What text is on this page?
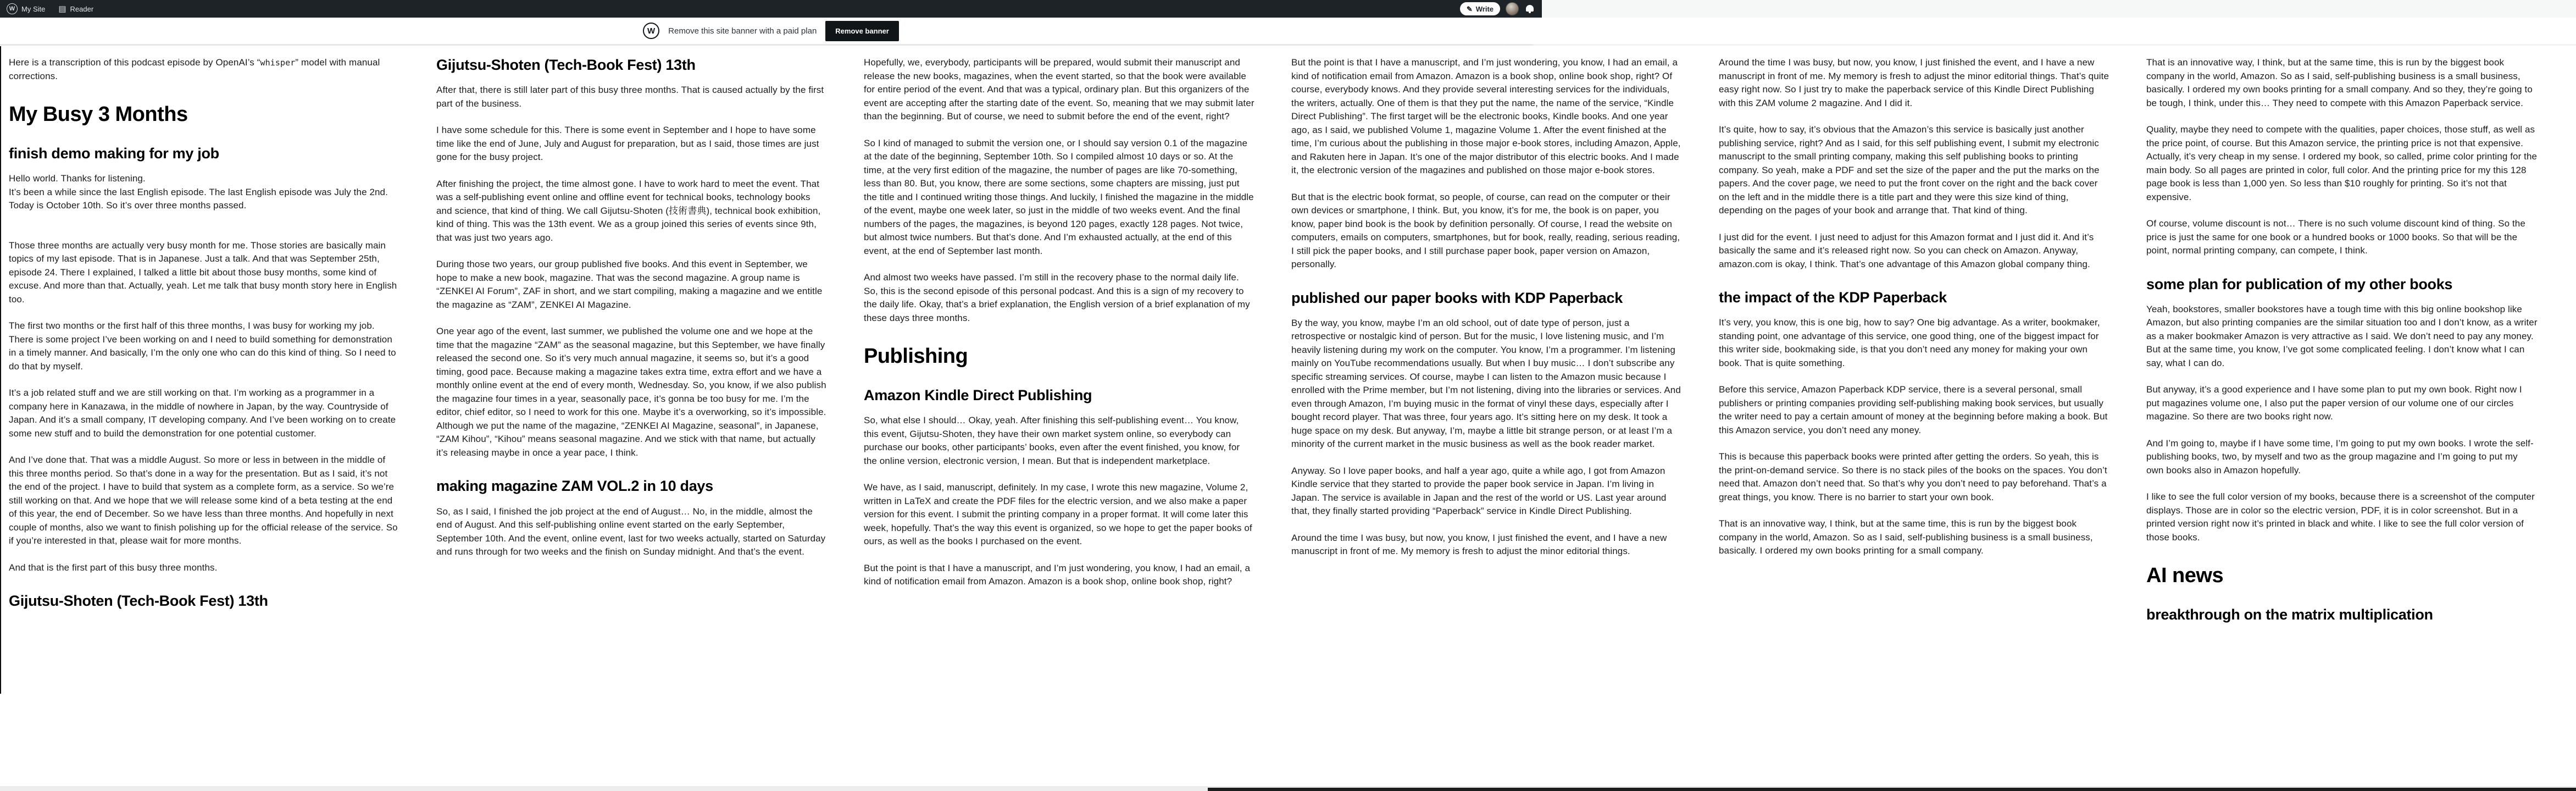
W My Site ▤ Reader	✎ Write
W	Remove this site banner with a paid plan	Remove banner

Here is a transcription of this podcast episode by OpenAI’s “whisper” model with manual corrections.

My Busy 3 Months
finish demo making for my job

Hello world. Thanks for listening.
It’s been a while since the last English episode. The last English episode was July the 2nd. Today is October 10th. So it’s over three months passed.

Those three months are actually very busy month for me. Those stories are basically main topics of my last episode. That is in Japanese. Just a talk. And that was September 25th, episode 24. There I explained, I talked a little bit about those busy months, some kind of excuse. And more than that. Actually, yeah. Let me talk that busy month story here in English too.

The first two months or the first half of this three months, I was busy for working my job. There is some project I’ve been working on and I need to build something for demonstration in a timely manner. And basically, I’m the only one who can do this kind of thing. So I need to do that by myself.

It’s a job related stuff and we are still working on that. I’m working as a programmer in a company here in Kanazawa, in the middle of nowhere in Japan, by the way. Countryside of Japan. And it’s a small company, IT developing company. And I’ve been working on to create some new stuff and to build the demonstration for one potential customer.

And I’ve done that. That was a middle August. So more or less in between in the middle of this three months period. So that’s done in a way for the presentation. But as I said, it’s not the end of the project. I have to build that system as a complete form, as a service. So we’re still working on that. And we hope that we will release some kind of a beta testing at the end of this year, the end of December. So we have less than three months. And hopefully in next couple of months, also we want to finish polishing up for the official release of the service. So if you’re interested in that, please wait for more months.

And that is the first part of this busy three months.

Gijutsu-Shoten (Tech-Book Fest) 13th
Gijutsu-Shoten (Tech-Book Fest) 13th

After that, there is still later part of this busy three months. That is caused actually by the first part of the business.

I have some schedule for this. There is some event in September and I hope to have some time like the end of June, July and August for preparation, but as I said, those times are just gone for the busy project.

After finishing the project, the time almost gone. I have to work hard to meet the event. That was a self-publishing event online and offline event for technical books, technology books and science, that kind of thing. We call Gijutsu-Shoten (技術書典), technical book exhibition, kind of thing. This was the 13th event. We as a group joined this series of events since 9th, that was just two years ago.

During those two years, our group published five books. And this event in September, we hope to make a new book, magazine. That was the second magazine. A group name is “ZENKEI AI Forum”, ZAF in short, and we start compiling, making a magazine and we entitle the magazine as “ZAM”, ZENKEI AI Magazine.

One year ago of the event, last summer, we published the volume one and we hope at the time that the magazine “ZAM” as the seasonal magazine, but this September, we have finally released the second one. So it’s very much annual magazine, it seems so, but it’s a good timing, good pace. Because making a magazine takes extra time, extra effort and we have a monthly online event at the end of every month, Wednesday. So, you know, if we also publish the magazine four times in a year, seasonally pace, it’s gonna be too busy for me. I’m the editor, chief editor, so I need to work for this one. Maybe it’s a overworking, so it’s impossible. Although we put the name of the magazine, “ZENKEI AI Magazine, seasonal”, in Japanese, “ZAM Kihou”, “Kihou” means seasonal magazine. And we stick with that name, but actually it’s releasing maybe in once a year pace, I think.

making magazine ZAM VOL.2 in 10 days

So, as I said, I finished the job project at the end of August… No, in the middle, almost the end of August. And this self-publishing online event started on the early September, September 10th. And the event, online event, last for two weeks actually, started on Saturday and runs through for two weeks and the finish on Sunday midnight. And that’s the event.

Hopefully, we, everybody, participants will be prepared, would submit their manuscript and release the new books, magazines, when the event started, so that the book were available for entire period of the event. And that was a typical, ordinary plan. But this organizers of the event are accepting after the starting date of the event. So, meaning that we may submit later than the beginning. But of course, we need to submit before the end of the event, right?

So I kind of managed to submit the version one, or I should say version 0.1 of the magazine at the date of the beginning, September 10th. So I compiled almost 10 days or so. At the time, at the very first edition of the magazine, the number of pages are like 70-something, less than 80. But, you know, there are some sections, some chapters are missing, just put the title and I continued writing those things. And luckily, I finished the magazine in the middle of the event, maybe one week later, so just in the middle of two weeks event. And the final numbers of the pages, the magazines, is beyond 120 pages, exactly 128 pages. Not twice, but almost twice numbers. But that’s done. And I’m exhausted actually, at the end of this event, at the end of September last month.

And almost two weeks have passed. I’m still in the recovery phase to the normal daily life. So, this is the second episode of this personal podcast. And this is a sign of my recovery to the daily life. Okay, that’s a brief explanation, the English version of a brief explanation of my these days three months.

Publishing
Amazon Kindle Direct Publishing

So, what else I should… Okay, yeah. After finishing this self-publishing event… You know, this event, Gijutsu-Shoten, they have their own market system online, so everybody can purchase our books, other participants’ books, even after the event finished, you know, for the online version, electronic version, I mean. But that is independent marketplace.

We have, as I said, manuscript, definitely. In my case, I wrote this new magazine, Volume 2, written in LaTeX and create the PDF files for the electric version, and we also make a paper version for this event. I submit the printing company in a proper format. It will come later this week, hopefully. That’s the way this event is organized, so we hope to get the paper books of ours, as well as the books I purchased on the event.

But the point is that I have a manuscript, and I’m just wondering, you know, I had an email, a kind of notification email from Amazon. Amazon is a book shop, online book shop, right?

But the point is that I have a manuscript, and I’m just wondering, you know, I had an email, a kind of notification email from Amazon. Amazon is a book shop, online book shop, right? Of course, everybody knows. And they provide several interesting services for the individuals, the writers, actually. One of them is that they put the name, the name of the service, “Kindle Direct Publishing”. The first target will be the electronic books, Kindle books. And one year ago, as I said, we published Volume 1, magazine Volume 1. After the event finished at the time, I’m curious about the publishing in those major e-book stores, including Amazon, Apple, and Rakuten here in Japan. It’s one of the major distributor of this electric books. And I made it, the electronic version of the magazines and published on those major e-book stores.

But that is the electric book format, so people, of course, can read on the computer or their own devices or smartphone, I think. But, you know, it’s for me, the book is on paper, you know, paper bind book is the book by definition personally. Of course, I read the website on computers, emails on computers, smartphones, but for book, really, reading, serious reading, I still pick the paper books, and I still purchase paper book, paper version on Amazon, personally.

published our paper books with KDP Paperback

By the way, you know, maybe I’m an old school, out of date type of person, just a retrospective or nostalgic kind of person. But for the music, I love listening music, and I’m heavily listening during my work on the computer. You know, I’m a programmer. I’m listening mainly on YouTube recommendations usually. But when I buy music… I don’t subscribe any specific streaming services. Of course, maybe I can listen to the Amazon music because I enrolled with the Prime member, but I’m not listening, diving into the libraries or services. And even through Amazon, I’m buying music in the format of vinyl these days, especially after I bought record player. That was three, four years ago. It’s sitting here on my desk. It took a huge space on my desk. But anyway, I’m, maybe a little bit strange person, or at least I’m a minority of the current market in the music business as well as the book reader market.

Anyway. So I love paper books, and half a year ago, quite a while ago, I got from Amazon Kindle service that they started to provide the paper book service in Japan. I’m living in Japan. The service is available in Japan and the rest of the world or US. Last year around that, they finally started providing “Paperback” service in Kindle Direct Publishing.

Around the time I was busy, but now, you know, I just finished the event, and I have a new manuscript in front of me. My memory is fresh to adjust the minor editorial things.

Around the time I was busy, but now, you know, I just finished the event, and I have a new manuscript in front of me. My memory is fresh to adjust the minor editorial things. That’s quite easy right now. So I just try to make the paperback service of this Kindle Direct Publishing with this ZAM volume 2 magazine. And I did it.

It’s quite, how to say, it’s obvious that the Amazon’s this service is basically just another publishing service, right? And as I said, for this self publishing event, I submit my electronic manuscript to the small printing company, making this self publishing books to printing company. So yeah, make a PDF and set the size of the paper and the put the marks on the papers. And the cover page, we need to put the front cover on the right and the back cover on the left and in the middle there is a title part and they were this size kind of thing, depending on the pages of your book and arrange that. That kind of thing.

I just did for the event. I just need to adjust for this Amazon format and I just did it. And it’s basically the same and it’s released right now. So you can check on Amazon. Anyway, amazon.com is okay, I think. That’s one advantage of this Amazon global company thing.

the impact of the KDP Paperback

It’s very, you know, this is one big, how to say? One big advantage. As a writer, bookmaker, standing point, one advantage of this service, one good thing, one of the biggest impact for this writer side, bookmaking side, is that you don’t need any money for making your own book. That is quite something.

Before this service, Amazon Paperback KDP service, there is a several personal, small publishers or printing companies providing self-publishing making book services, but usually the writer need to pay a certain amount of money at the beginning before making a book. But this Amazon service, you don’t need any money.

This is because this paperback books were printed after getting the orders. So yeah, this is the print-on-demand service. So there is no stack piles of the books on the spaces. You don’t need that. Amazon don’t need that. So that’s why you don’t need to pay beforehand. That’s a great things, you know. There is no barrier to start your own book.

That is an innovative way, I think, but at the same time, this is run by the biggest book company in the world, Amazon. So as I said, self-publishing business is a small business, basically. I ordered my own books printing for a small company.

That is an innovative way, I think, but at the same time, this is run by the biggest book company in the world, Amazon. So as I said, self-publishing business is a small business, basically. I ordered my own books printing for a small company. And so they, they’re going to be tough, I think, under this… They need to compete with this Amazon Paperback service.

Quality, maybe they need to compete with the qualities, paper choices, those stuff, as well as the price point, of course. But this Amazon service, the printing price is not that expensive. Actually, it’s very cheap in my sense. I ordered my book, so called, prime color printing for the main body. So all pages are printed in color, full color. And the printing price for my this 128 page book is less than 1,000 yen. So less than $10 roughly for printing. So it’s not that expensive.

Of course, volume discount is not… There is no such volume discount kind of thing. So the price is just the same for one book or a hundred books or 1000 books. So that will be the point, normal printing company, can compete, I think.

some plan for publication of my other books

Yeah, bookstores, smaller bookstores have a tough time with this big online bookshop like Amazon, but also printing companies are the similar situation too and I don’t know, as a writer as a maker bookmaker Amazon is very attractive as I said. We don’t need to pay any money. But at the same time, you know, I’ve got some complicated feeling. I don’t know what I can say, what I can do.

But anyway, it’s a good experience and I have some plan to put my own book. Right now I put magazines volume one, I also put the paper version of our volume one of our circles magazine. So there are two books right now.

And I’m going to, maybe if I have some time, I’m going to put my own books. I wrote the self-publishing books, two, by myself and two as the group magazine and I’m going to put my own books also in Amazon hopefully.

I like to see the full color version of my books, because there is a screenshot of the computer displays. Those are in color so the electric version, PDF, it is in color screenshot. But in a printed version right now it’s printed in black and white. I like to see the full color version of those books.

AI news
breakthrough on the matrix multiplication
